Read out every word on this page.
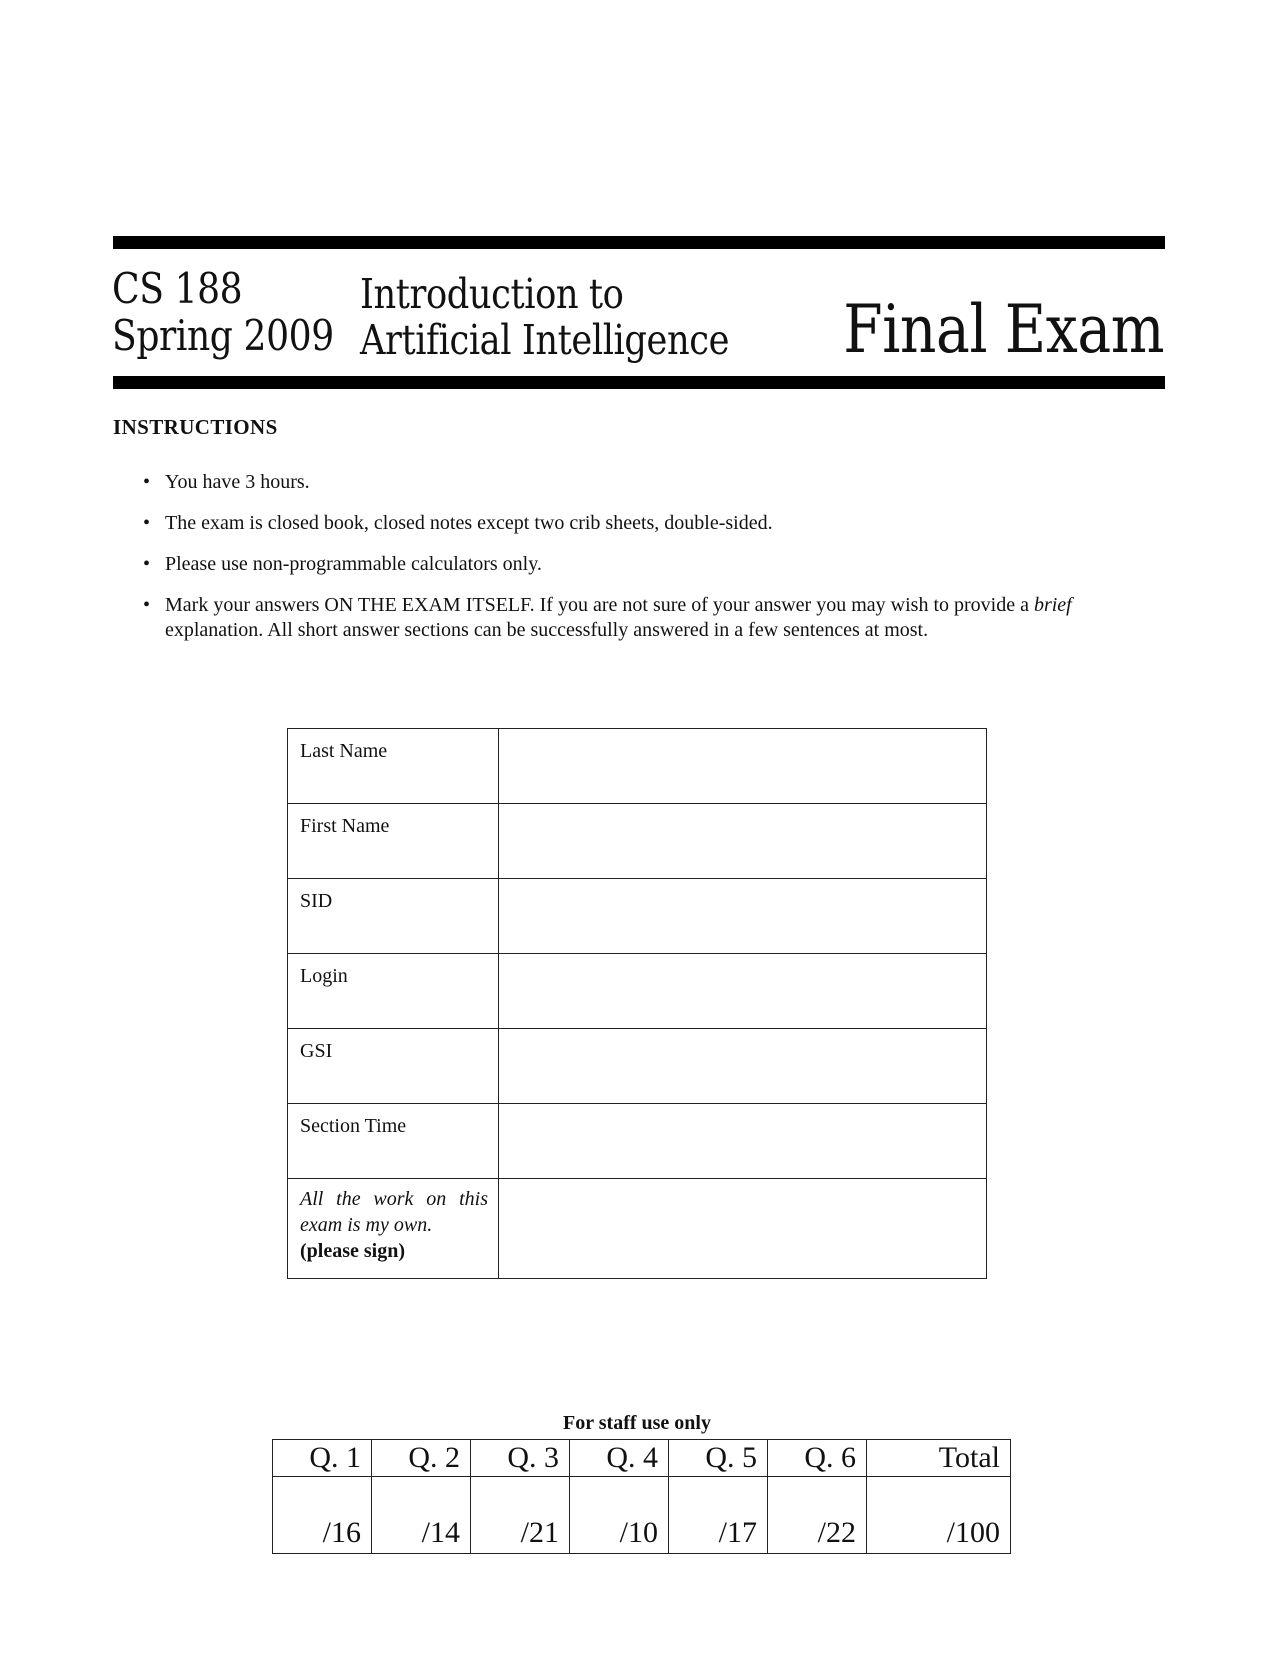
CS 188
Spring 2009
Introduction to
Artificial Intelligence Final Exam
INSTRUCTIONS
• You have 3 hours.
• The exam is closed book, closed notes except two crib sheets, double-sided.
• Please use non-programmable calculators only.
• Mark your answers ON THE EXAM ITSELF. If you are not sure of your answer you may wish to provide a brief explanation. All short answer sections can be successfully answered in a few sentences at most.
Last Name	
First Name	
SID	
Login	
GSI	
Section Time	

All the work on this exam is my own.
(please sign)	

For staff use only
Q. 1	Q. 2	Q. 3	Q. 4	Q. 5	Q. 6	Total
/16	/14	/21	/10	/17	/22	/100
